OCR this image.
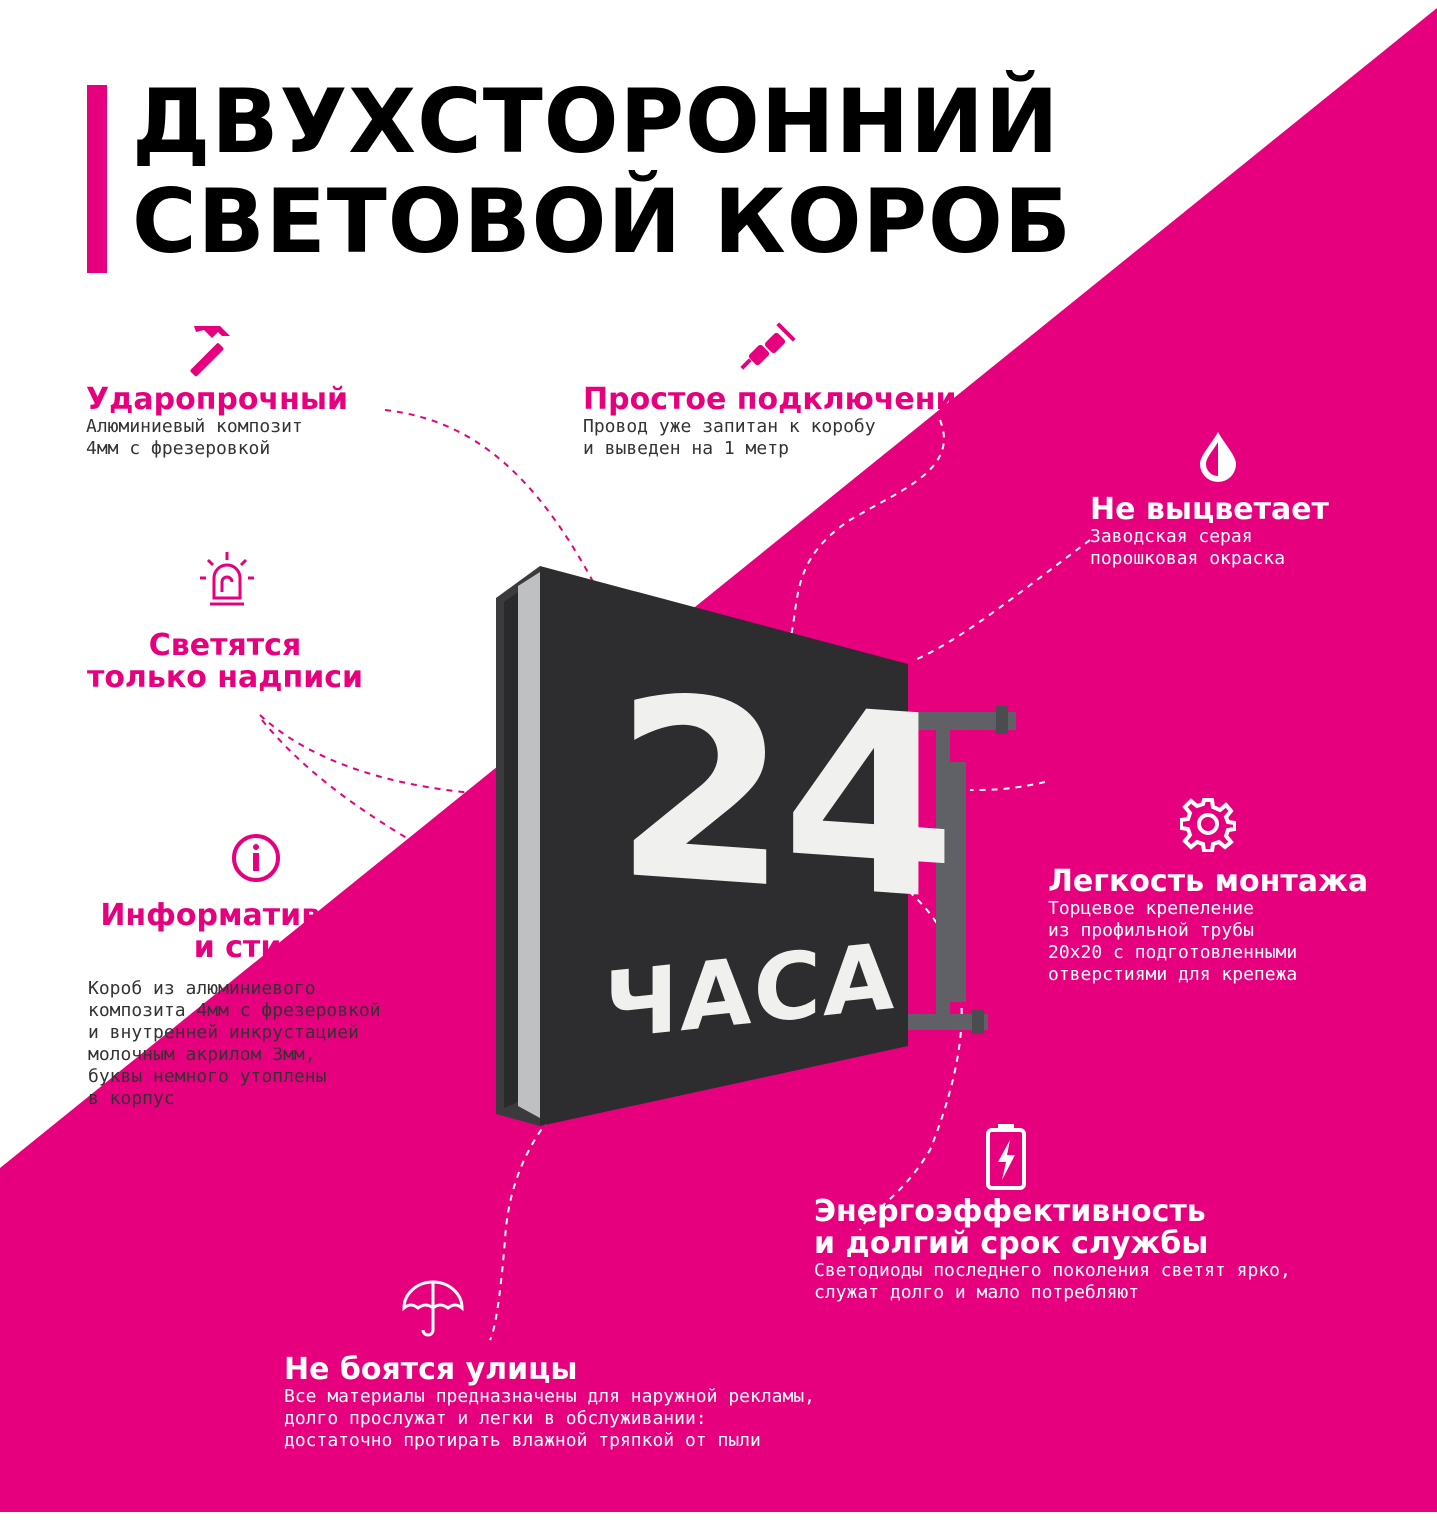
ДВУХСТОРОННИЙ
СВЕТОВОЙ КОРОБ
Ударопрочный

Алюминиевый композит

4мм с фрезеровкой

Простое подключение

Провод уже запитан к коробу

и выведен на 1 метр

Не выцветает

Заводская серая

порошковая окраска

Светятся
только надписи
Информативность
и стиль

Короб из алюминиевого

композита 4мм с фрезеровкой

и внутренней инкрустацией

молочным акрилом 3мм,

буквы немного утоплены

в корпус

Легкость монтажа

Торцевое крепеление

из профильной трубы

20х20 с подготовленными

отверстиями для крепежа

Энергоэффективность
и долгий срок службы

Светодиоды последнего поколения светят ярко,

служат долго и мало потребляют

Не боятся улицы

Все материалы предназначены для наружной рекламы,

долго прослужат и легки в обслуживании:

достаточно протирать влажной тряпкой от пыли

24
ЧАСА
